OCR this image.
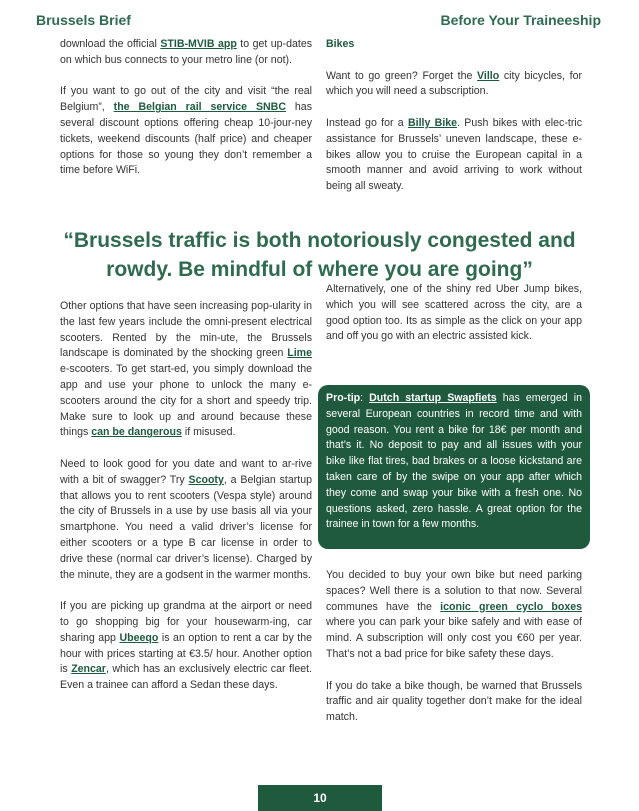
Brussels Brief	Before Your Traineeship

download the official STIB-MVIB app to get up-dates on which bus connects to your metro line (or not).

If you want to go out of the city and visit “the real Belgium”, the Belgian rail service SNBC has several discount options offering cheap 10-jour-ney tickets, weekend discounts (half price) and cheaper options for those so young they don’t remember a time before WiFi.

Bikes

Want to go green? Forget the Villo city bicycles, for which you will need a subscription.

Instead go for a Billy Bike. Push bikes with elec-tric assistance for Brussels’ uneven landscape, these e-bikes allow you to cruise the European capital in a smooth manner and avoid arriving to work without being all sweaty.

“Brussels traffic is both notoriously congested and rowdy. Be mindful of where you are going”

Other options that have seen increasing pop-ularity in the last few years include the omni-present electrical scooters. Rented by the min-ute, the Brussels landscape is dominated by the shocking green Lime e-scooters. To get start-ed, you simply download the app and use your phone to unlock the many e-scooters around the city for a short and speedy trip. Make sure to look up and around because these things can be dangerous if misused.

Need to look good for you date and want to ar-rive with a bit of swagger? Try Scooty, a Belgian startup that allows you to rent scooters (Vespa style) around the city of Brussels in a use by use basis all via your smartphone. You need a valid driver’s license for either scooters or a type B car license in order to drive these (normal car driver’s license). Charged by the minute, they are a godsent in the warmer months.

If you are picking up grandma at the airport or need to go shopping big for your housewarm-ing, car sharing app Ubeeqo is an option to rent a car by the hour with prices starting at €3.5/ hour. Another option is Zencar, which has an exclusively electric car fleet. Even a trainee can afford a Sedan these days.

Alternatively, one of the shiny red Uber Jump bikes, which you will see scattered across the city, are a good option too. Its as simple as the click on your app and off you go with an electric assisted kick.

Pro-tip: Dutch startup Swapfiets has emerged in several European countries in record time and with good reason. You rent a bike for 18€ per month and that’s it. No deposit to pay and all issues with your bike like flat tires, bad brakes or a loose kickstand are taken care of by the swipe on your app after which they come and swap your bike with a fresh one. No questions asked, zero hassle. A great option for the trainee in town for a few months.

You decided to buy your own bike but need parking spaces? Well there is a solution to that now. Several communes have the iconic green cyclo boxes where you can park your bike safely and with ease of mind. A subscription will only cost you €60 per year. That’s not a bad price for bike safety these days.

If you do take a bike though, be warned that Brussels traffic and air quality together don’t make for the ideal match.

10
